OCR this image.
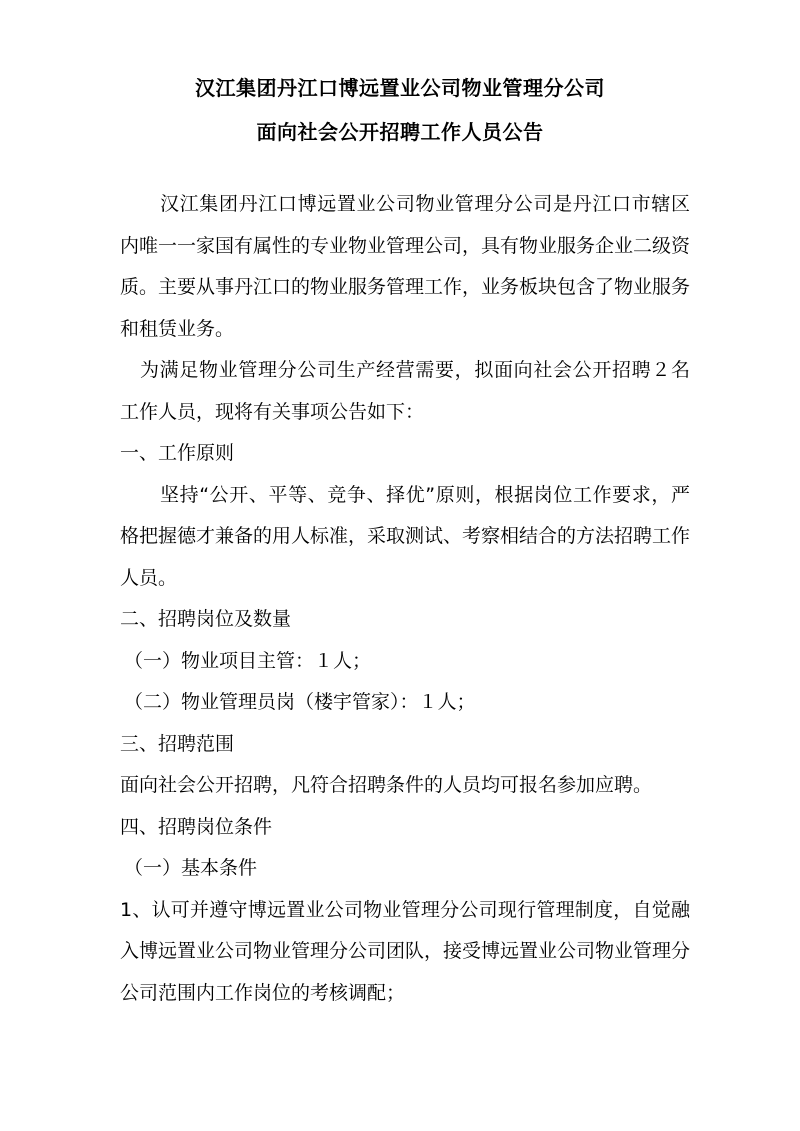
汉江集团丹江口博远置业公司物业管理分公司
面向社会公开招聘工作人员公告

汉江集团丹江口博远置业公司物业管理分公司是丹江口市辖区内唯一一家国有属性的专业物业管理公司，具有物业服务企业二级资质。主要从事丹江口的物业服务管理工作，业务板块包含了物业服务和租赁业务。

为满足物业管理分公司生产经营需要，拟面向社会公开招聘２名工作人员，现将有关事项公告如下：

一、工作原则

坚持“公开、平等、竞争、择优”原则，根据岗位工作要求，严格把握德才兼备的用人标准，采取测试、考察相结合的方法招聘工作人员。

二、招聘岗位及数量

（一）物业项目主管：１人；

（二）物业管理员岗（楼宇管家）：１人；

三、招聘范围

面向社会公开招聘，凡符合招聘条件的人员均可报名参加应聘。

四、招聘岗位条件

（一）基本条件

1、认可并遵守博远置业公司物业管理分公司现行管理制度，自觉融入博远置业公司物业管理分公司团队，接受博远置业公司物业管理分公司范围内工作岗位的考核调配；
